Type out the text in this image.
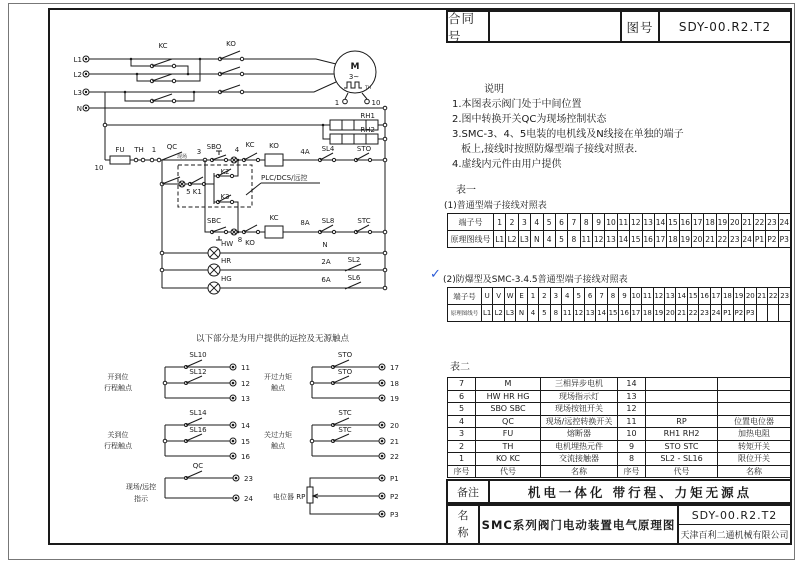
L1
L2
L3
N
KC	KO
M
3~
TH
1	10
RH1
RH2
10
FU TH 1 QC
现场
3
SBO 4
KC KO
4A SL4	STO
5 K1
K2
K3
PLC/DCS/远控
SBC
8 KO
KC
8A SL8	STC
HW	N
HR	2A SL2
HG	6A SL6
以下部分是为用户提供的远控及无源触点
SL10
SL12	11
12
13
开到位
行程触点
SL14
SL16	14
15
16
关到位
行程触点
STO
STO	17
18
19
开过力矩
触点
STC
STC	20
21
22
关过力矩
触点
QC
23
24
现场/远控
指示
P1
P2
P3
电位器 RP
合同号
图号	SDY-00.R2.T2
说明
1.本图表示阀门处于中间位置
2.图中转换开关QC为现场控制状态
3.SMC-3、4、5电装的电机线及N线接在单独的端子
板上,接线时按照防爆型端子接线对照表.
4.虚线内元件由用户提供
表一
(1)普通型端子接线对照表
端子号	1	2	3	4	5	6	7	8	9	10	11	12	13	14	15	16	17	18	19	20	21	22	23	24
原理图线号	L1	L2	L3	N	4	5	8	11	12	13	14	15	16	17	18	19	20	21	22	23	24	P1	P2	P3
✓ (2)防爆型及SMC-3.4.5普通型端子接线对照表
端子号	U	V	W	E	1	2	3	4	5	6	7	8	9	10	11	12	13	14	15	16	17	18	19	20	21	22	23
原理图线号	L1	L2	L3	N	4	5	8	11	12	13	14	15	16	17	18	19	20	21	22	23	24	P1	P2	P3			
表二
7	M	三相异步电机	14		
6	HW HR HG	现场指示灯	13		
5	SBO SBC	现场按钮开关	12		
4	QC	现场/远控转换开关	11	RP	位置电位器
3	FU	熔断器	10	RH1 RH2	加热电阻
2	TH	电机埋热元件	9	STO STC	转矩开关
1	KO KC	交流接触器	8	SL2 - SL16	限位开关
序号	代号	名称	序号	代号	名称
备注	机电一体化 带行程、力矩无源点
名称
SMC系列阀门电动装置电气原理图
SDY-00.R2.T2
天津百利二通机械有限公司
